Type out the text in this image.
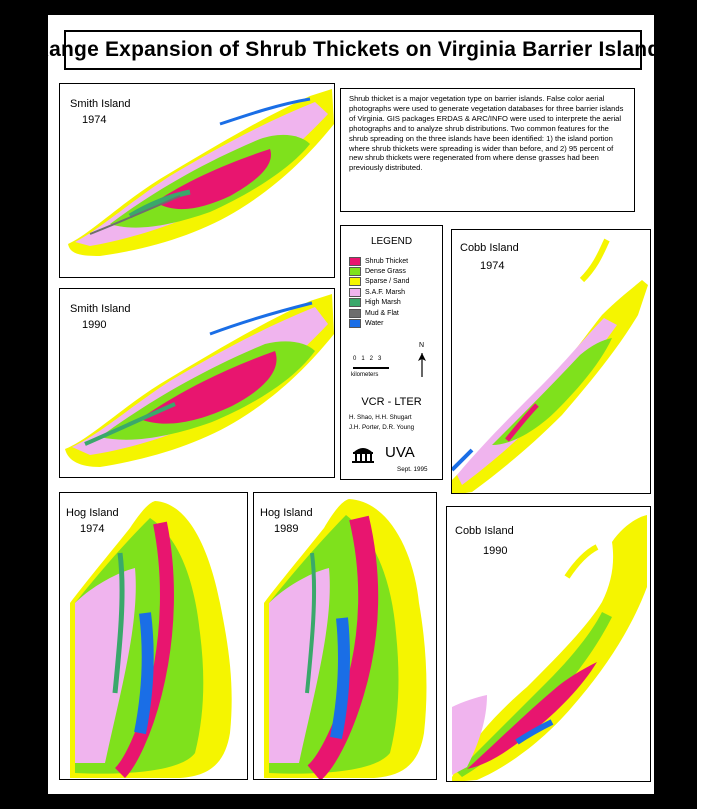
Range Expansion of Shrub Thickets on Virginia Barrier Islands
Smith Island
1974
Smith Island
1990
Shrub thicket is a major vegetation type on barrier islands. False color aerial photographs were used to generate vegetation databases for three barrier islands of Virginia. GIS packages ERDAS & ARC/INFO were used to interprete the aerial photographs and to analyze shrub distributions. Two common features for the shrub spreading on the three islands have been identified: 1) the island portion where shrub thickets were spreading is wider than before, and 2) 95 percent of new shrub thickets were regenerated from where dense grasses had been previously distributed.
LEGEND
Shrub Thicket
Dense Grass
Sparse / Sand
S.A.F. Marsh
High Marsh
Mud & Flat
Water
0   1   2   3
kilometers
N
VCR - LTER
H. Shao, H.H. Shugart
J.H. Porter, D.R. Young
UVA
Sept. 1995
Cobb Island
1974
Hog Island
1974
Hog Island
1989	Cobb Island
1990
